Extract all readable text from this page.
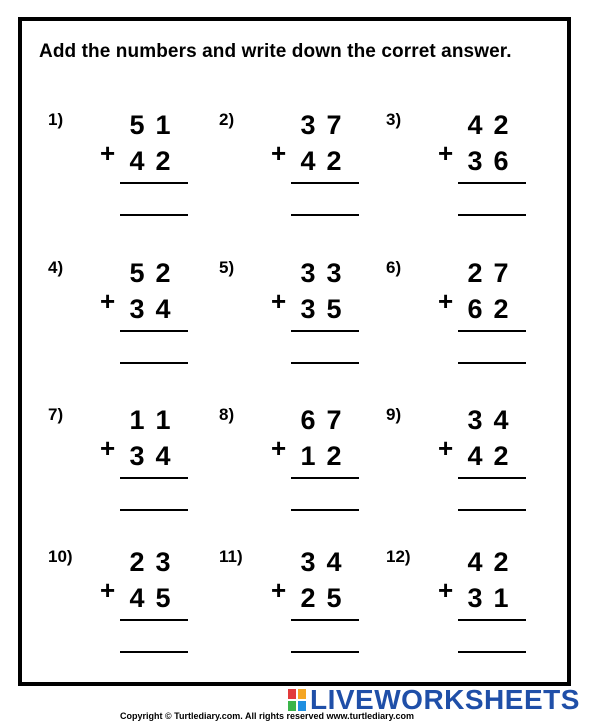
Add the numbers and write down the corret answer.
1)
+
5 1
4 2
2)
+
3 7
4 2
3)
+
4 2
3 6
4)
+
5 2
3 4
5)
+
3 3
3 5
6)
+
2 7
6 2
7)
+
1 1
3 4
8)
+
6 7
1 2
9)
+
3 4
4 2
10)
+
2 3
4 5
11)
+
3 4
2 5
12)
+
4 2
3 1
LIVEWORKSHEETS
Copyright © Turtlediary.com. All rights reserved www.turtlediary.com
